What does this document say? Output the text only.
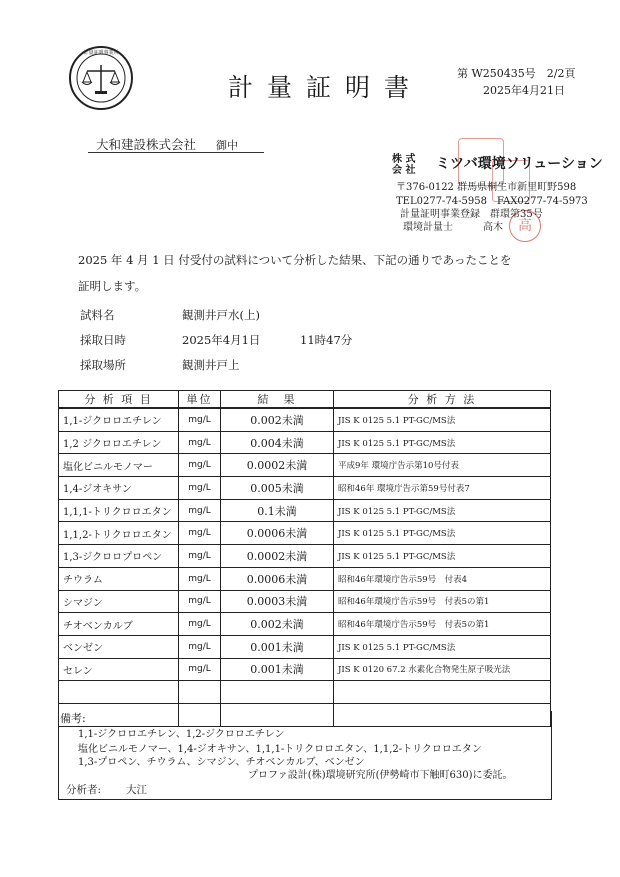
計量証明事業所
計量証明書	第 W250435号　2/2頁
2025年4月21日
大和建設株式会社 御中
高
株 式
会 社 ミツバ環境ソリューション
〒376-0122 群馬県桐生市新里町野598
TEL0277-74-5958　FAX0277-74-5973
計量証明事業登録　群環第35号
環境計量士　　　高木
2025 年 4 月 1 日 付受付の試料について分析した結果、下記の通りであったことを
証明します。
試料名	観測井戸水(上)
採取日時	2025年4月1日	11時47分
採取場所	観測井戸上
分 析 項 目	単位	結　果	分 析 方 法
1,1-ジクロロエチレン	mg/L	0.002未満	JIS K 0125 5.1 PT-GC/MS法
1,2 ジクロロエチレン	mg/L	0.004未満	JIS K 0125 5.1 PT-GC/MS法
塩化ビニルモノマー	mg/L	0.0002未満	平成9年 環境庁告示第10号付表
1,4-ジオキサン	mg/L	0.005未満	昭和46年 環境庁告示第59号付表7
1,1,1-トリクロロエタン	mg/L	0.1未満	JIS K 0125 5.1 PT-GC/MS法
1,1,2-トリクロロエタン	mg/L	0.0006未満	JIS K 0125 5.1 PT-GC/MS法
1,3-ジクロロプロペン	mg/L	0.0002未満	JIS K 0125 5.1 PT-GC/MS法
チウラム	mg/L	0.0006未満	昭和46年環境庁告示59号　付表4
シマジン	mg/L	0.0003未満	昭和46年環境庁告示59号　付表5の第1
チオベンカルブ	mg/L	0.002未満	昭和46年環境庁告示59号　付表5の第1
ベンゼン	mg/L	0.001未満	JIS K 0125 5.1 PT-GC/MS法
セレン	mg/L	0.001未満	JIS K 0120 67.2 水素化合物発生原子吸光法

備考:
1,1-ジクロロエチレン、1,2-ジクロロエチレン
塩化ビニルモノマー、1,4-ジオキサン、1,1,1-トリクロロエタン、1,1,2-トリクロロエタン
1,3-プロペン、チウラム、シマジン、チオベンカルブ、ベンゼン
プロファ設計(株)環境研究所(伊勢崎市下触町630)に委託。
分析者: 大江
